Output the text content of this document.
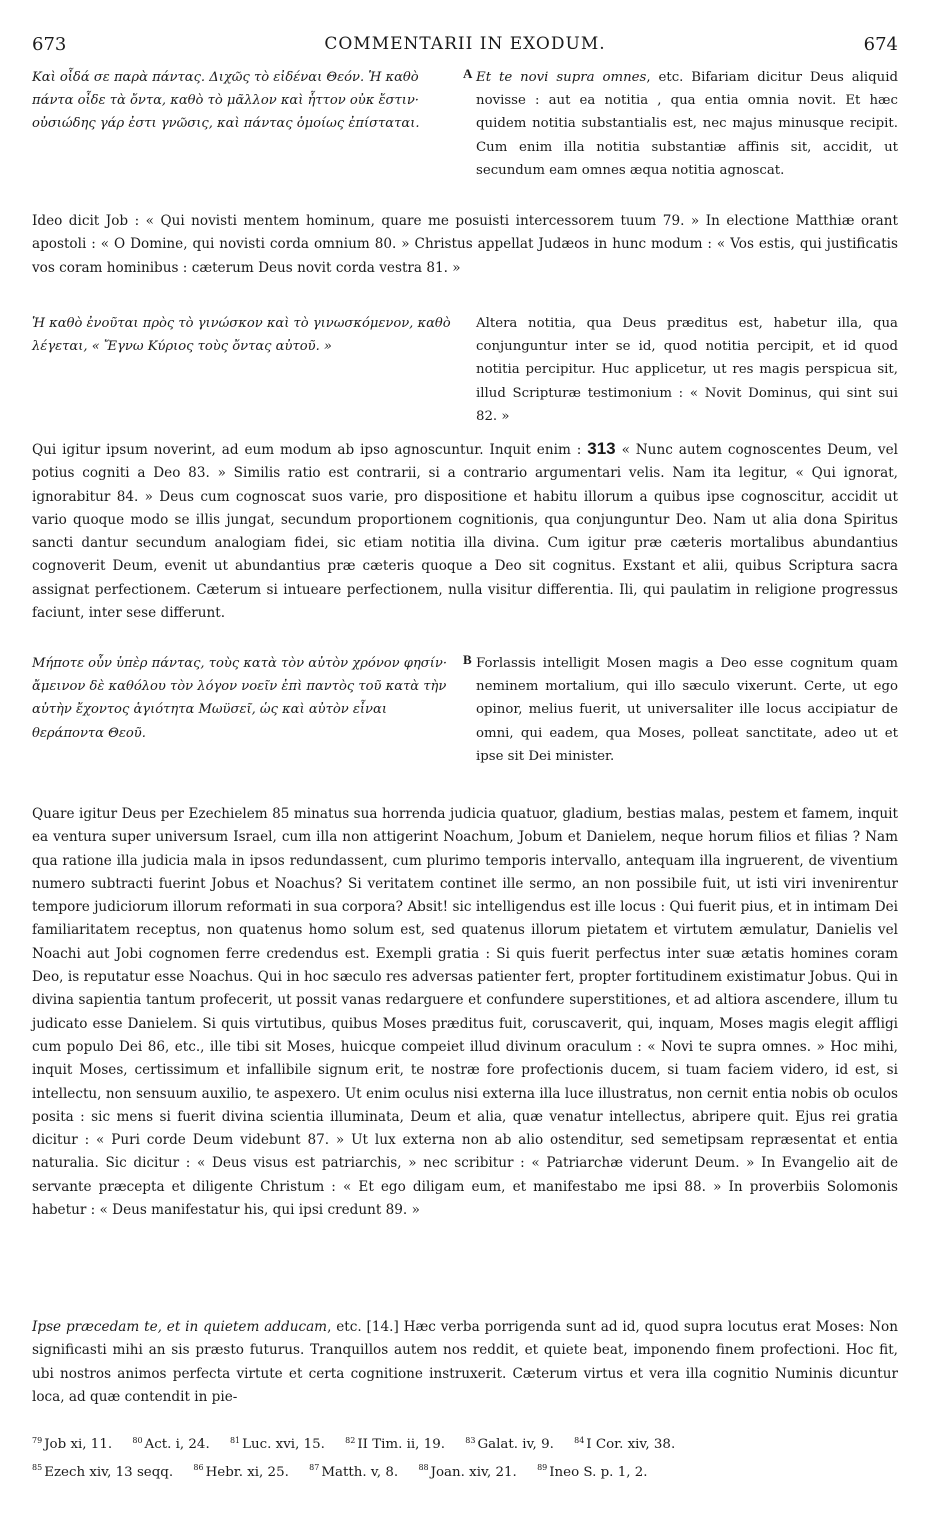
673	COMMENTARII IN EXODUM.	674
Καὶ οἶδά σε παρὰ πάντας. Διχῶς τὸ εἰδέναι Θεόν. Ἡ καθὸ πάντα οἶδε τὰ ὄντα, καθὸ τὸ μᾶλλον καὶ ἧττον οὐκ ἔστιν· οὐσιώδης γάρ ἐστι γνῶσις, καὶ πάντας ὁμοίως ἐπίσταται.
A Et te novi supra omnes, etc. Bifariam dicitur Deus aliquid novisse : aut ea notitia , qua entia omnia novit. Et hæc quidem notitia substantialis est, nec majus minusque recipit. Cum enim illa notitia substantiæ affinis sit, accidit, ut secundum eam omnes æqua notitia agnoscat.
Ideo dicit Job : « Qui novisti mentem hominum, quare me posuisti intercessorem tuum 79. » In electione Matthiæ orant apostoli : « O Domine, qui novisti corda omnium 80. » Christus appellat Judæos in hunc modum : « Vos estis, qui justificatis vos coram hominibus : cæterum Deus novit corda vestra 81. »
Ἡ καθὸ ἐνοῦται πρὸς τὸ γινώσκον καὶ τὸ γινωσκόμενον, καθὸ λέγεται, « Ἔγνω Κύριος τοὺς ὄντας αὐτοῦ. »
Altera notitia, qua Deus præditus est, habetur illa, qua conjunguntur inter se id, quod notitia percipit, et id quod notitia percipitur. Huc applicetur, ut res magis perspicua sit, illud Scripturæ testimonium : « Novit Dominus, qui sint sui 82. »
Qui igitur ipsum noverint, ad eum modum ab ipso agnoscuntur. Inquit enim : 313 « Nunc autem cognoscentes Deum, vel potius cogniti a Deo 83. » Similis ratio est contrarii, si a contrario argumentari velis. Nam ita legitur, « Qui ignorat, ignorabitur 84. » Deus cum cognoscat suos varie, pro dispositione et habitu illorum a quibus ipse cognoscitur, accidit ut vario quoque modo se illis jungat, secundum proportionem cognitionis, qua conjunguntur Deo. Nam ut alia dona Spiritus sancti dantur secundum analogiam fidei, sic etiam notitia illa divina. Cum igitur præ cæteris mortalibus abundantius cognoverit Deum, evenit ut abundantius præ cæteris quoque a Deo sit cognitus. Exstant et alii, quibus Scriptura sacra assignat perfectionem. Cæterum si intueare perfectionem, nulla visitur differentia. Ili, qui paulatim in religione progressus faciunt, inter sese differunt.
Μήποτε οὖν ὑπὲρ πάντας, τοὺς κατὰ τὸν αὐτὸν χρόνον φησίν· ἄμεινον δὲ καθόλου τὸν λόγον νοεῖν ἐπὶ παντὸς τοῦ κατὰ τὴν αὐτὴν ἔχοντος ἁγιότητα Μωϋσεῖ, ὡς καὶ αὐτὸν εἶναι θεράποντα Θεοῦ.
B Forlassis intelligit Mosen magis a Deo esse cognitum quam neminem mortalium, qui illo sæculo vixerunt. Certe, ut ego opinor, melius fuerit, ut universaliter ille locus accipiatur de omni, qui eadem, qua Moses, polleat sanctitate, adeo ut et ipse sit Dei minister.
Quare igitur Deus per Ezechielem 85 minatus sua horrenda judicia quatuor, gladium, bestias malas, pestem et famem, inquit ea ventura super universum Israel, cum illa non attigerint Noachum, Jobum et Danielem, neque horum filios et filias ? Nam qua ratione illa judicia mala in ipsos redundassent, cum plurimo temporis intervallo, antequam illa ingruerent, de viventium numero subtracti fuerint Jobus et Noachus? Si veritatem continet ille sermo, an non possibile fuit, ut isti viri invenirentur tempore judiciorum illorum reformati in sua corpora? Absit! sic intelligendus est ille locus : Qui fuerit pius, et in intimam Dei familiaritatem receptus, non quatenus homo solum est, sed quatenus illorum pietatem et virtutem æmulatur, Danielis vel Noachi aut Jobi cognomen ferre credendus est. Exempli gratia : Si quis fuerit perfectus inter suæ ætatis homines coram Deo, is reputatur esse Noachus. Qui in hoc sæculo res adversas patienter fert, propter fortitudinem existimatur Jobus. Qui in divina sapientia tantum profecerit, ut possit vanas redarguere et confundere superstitiones, et ad altiora ascendere, illum tu judicato esse Danielem. Si quis virtutibus, quibus Moses præditus fuit, coruscaverit, qui, inquam, Moses magis elegit affligi cum populo Dei 86, etc., ille tibi sit Moses, huicque compeiet illud divinum oraculum : « Novi te supra omnes. » Hoc mihi, inquit Moses, certissimum et infallibile signum erit, te nostræ fore profectionis ducem, si tuam faciem videro, id est, si intellectu, non sensuum auxilio, te aspexero. Ut enim oculus nisi externa illa luce illustratus, non cernit entia nobis ob oculos posita : sic mens si fuerit divina scientia illuminata, Deum et alia, quæ venatur intellectus, abripere quit. Ejus rei gratia dicitur : « Puri corde Deum videbunt 87. » Ut lux externa non ab alio ostenditur, sed semetipsam repræsentat et entia naturalia. Sic dicitur : « Deus visus est patriarchis, » nec scribitur : « Patriarchæ viderunt Deum. » In Evangelio ait de servante præcepta et diligente Christum : « Et ego diligam eum, et manifestabo me ipsi 88. » In proverbiis Solomonis habetur : « Deus manifestatur his, qui ipsi credunt 89. »
Ipse præcedam te, et in quietem adducam, etc. [14.] Hæc verba porrigenda sunt ad id, quod supra locutus erat Moses: Non significasti mihi an sis præsto futurus. Tranquillos autem nos reddit, et quiete beat, imponendo finem profectioni. Hoc fit, ubi nostros animos perfecta virtute et certa cognitione instruxerit. Cæterum virtus et vera illa cognitio Numinis dicuntur loca, ad quæ contendit in pie-
$^{79}$ Job xi, 11.	$^{80}$ Act. i, 24.	$^{81}$ Luc. xvi, 15.	$^{82}$ II Tim. ii, 19.	$^{83}$ Galat. iv, 9.	$^{84}$ I Cor. xiv, 38.
$^{85}$ Ezech xiv, 13 seqq.	$^{86}$ Hebr. xi, 25.	$^{87}$ Matth. v, 8.	$^{88}$ Joan. xiv, 21.	$^{89}$ Ineo S. p. 1, 2.
